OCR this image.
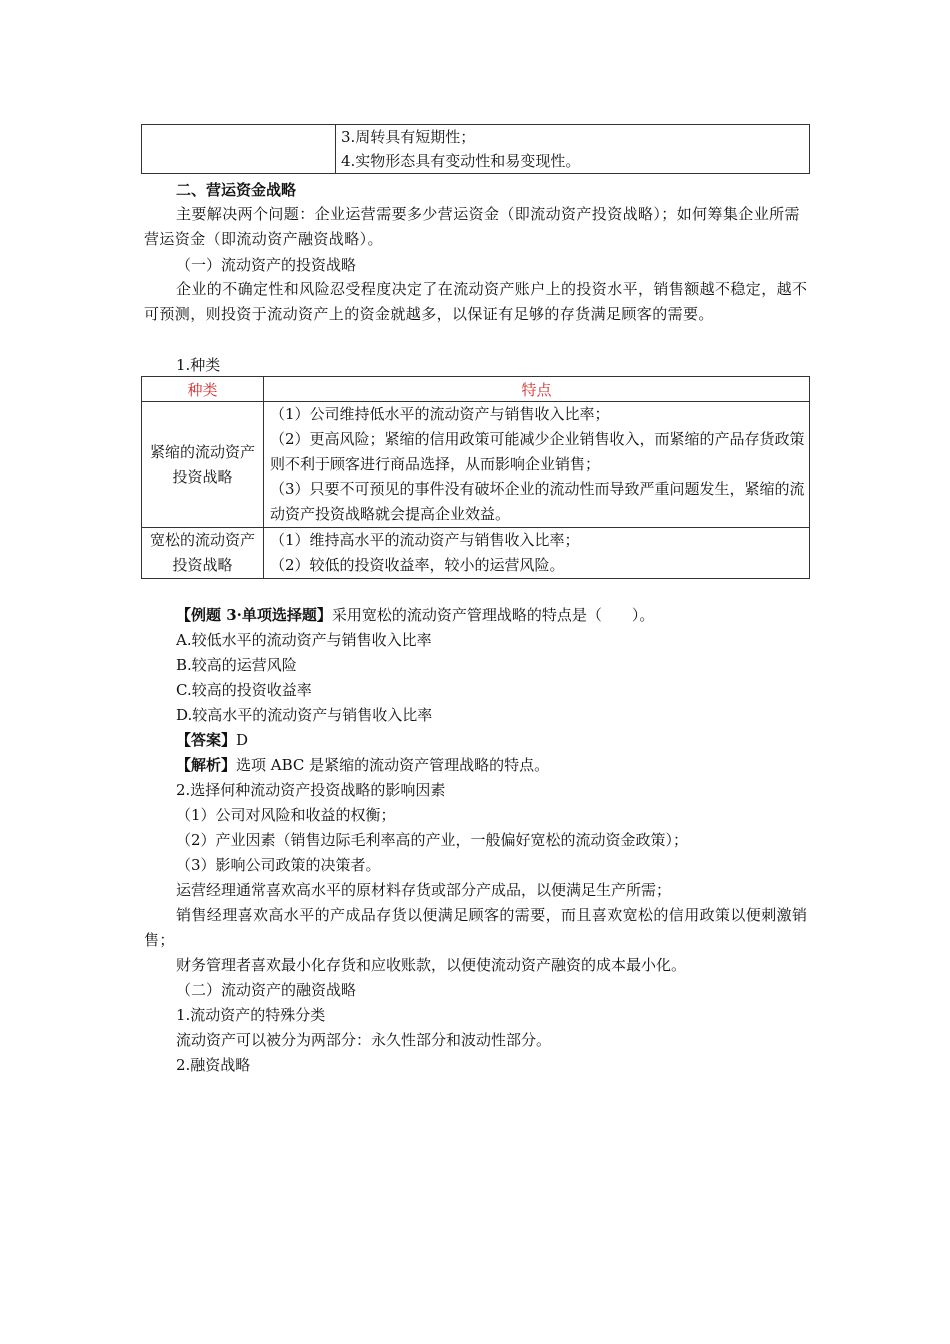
3.周转具有短期性；
4.实物形态具有变动性和易变现性。
二、营运资金战略
主要解决两个问题：企业运营需要多少营运资金（即流动资产投资战略）；如何筹集企业所需营运资金（即流动资产融资战略）。
（一）流动资产的投资战略
企业的不确定性和风险忍受程度决定了在流动资产账户上的投资水平，销售额越不稳定，越不可预测，则投资于流动资产上的资金就越多，以保证有足够的存货满足顾客的需要。
1.种类
种类	特点
紧缩的流动资产投资战略	（1）公司维持低水平的流动资产与销售收入比率；
（2）更高风险；紧缩的信用政策可能减少企业销售收入，而紧缩的产品存货政策则不利于顾客进行商品选择，从而影响企业销售；
（3）只要不可预见的事件没有破坏企业的流动性而导致严重问题发生，紧缩的流动资产投资战略就会提高企业效益。

宽松的流动资产投资战略	（1）维持高水平的流动资产与销售收入比率；
（2）较低的投资收益率，较小的运营风险。
【例题 3·单项选择题】采用宽松的流动资产管理战略的特点是（　　）。
A.较低水平的流动资产与销售收入比率
B.较高的运营风险
C.较高的投资收益率
D.较高水平的流动资产与销售收入比率
【答案】D
【解析】选项 ABC 是紧缩的流动资产管理战略的特点。
2.选择何种流动资产投资战略的影响因素
（1）公司对风险和收益的权衡；
（2）产业因素（销售边际毛利率高的产业，一般偏好宽松的流动资金政策）；
（3）影响公司政策的决策者。
运营经理通常喜欢高水平的原材料存货或部分产成品，以便满足生产所需；
销售经理喜欢高水平的产成品存货以便满足顾客的需要，而且喜欢宽松的信用政策以便刺激销售；
财务管理者喜欢最小化存货和应收账款，以便使流动资产融资的成本最小化。
（二）流动资产的融资战略
1.流动资产的特殊分类
流动资产可以被分为两部分：永久性部分和波动性部分。
2.融资战略
